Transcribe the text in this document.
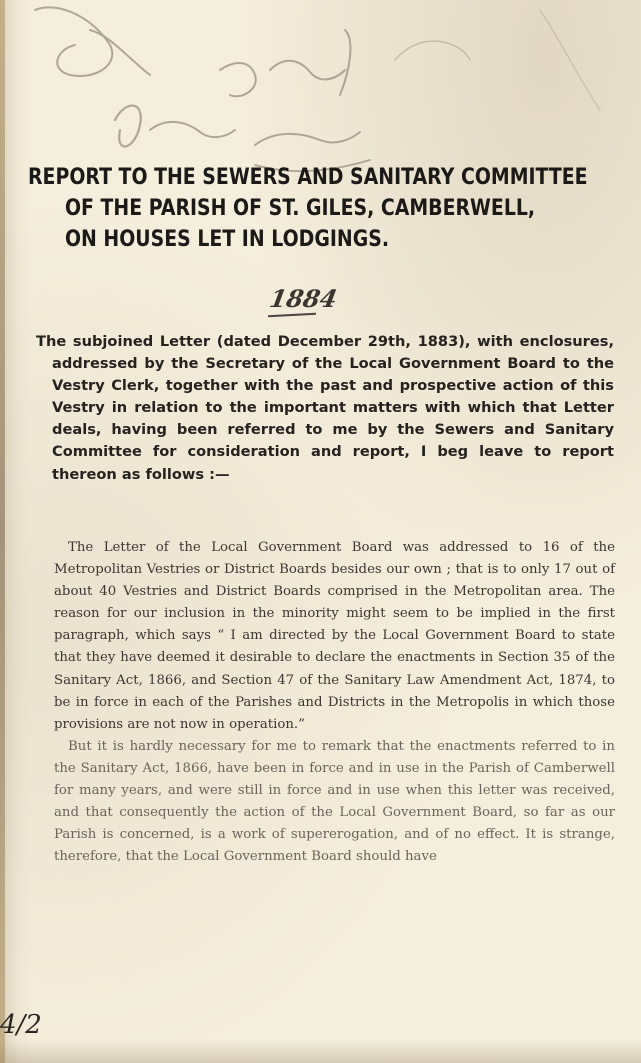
REPORT TO THE SEWERS AND SANITARY COMMITTEE
OF THE PARISH OF ST. GILES, CAMBERWELL,
ON HOUSES LET IN LODGINGS.
1884

The subjoined Letter (dated December 29th, 1883), with enclosures, addressed by the Secretary of the Local Government Board to the Vestry Clerk, together with the past and prospective action of this Vestry in relation to the important matters with which that Letter deals, having been referred to me by the Sewers and Sanitary Committee for consideration and report, I beg leave to report thereon as follows :—

The Letter of the Local Government Board was addressed to 16 of the Metropolitan Vestries or District Boards besides our own ; that is to only 17 out of about 40 Vestries and District Boards comprised in the Metropolitan area. The reason for our inclusion in the minority might seem to be implied in the first paragraph, which says “ I am directed by the Local Government Board to state that they have deemed it desirable to declare the enactments in Section 35 of the Sanitary Act, 1866, and Section 47 of the Sanitary Law Amendment Act, 1874, to be in force in each of the Parishes and Districts in the Metropolis in which those provisions are not now in operation.”

But it is hardly necessary for me to remark that the enactments referred to in the Sanitary Act, 1866, have been in force and in use in the Parish of Camberwell for many years, and were still in force and in use when this letter was received, and that consequently the action of the Local Government Board, so far as our Parish is concerned, is a work of supererogation, and of no effect. It is strange, therefore, that the Local Government Board should have

4/2
